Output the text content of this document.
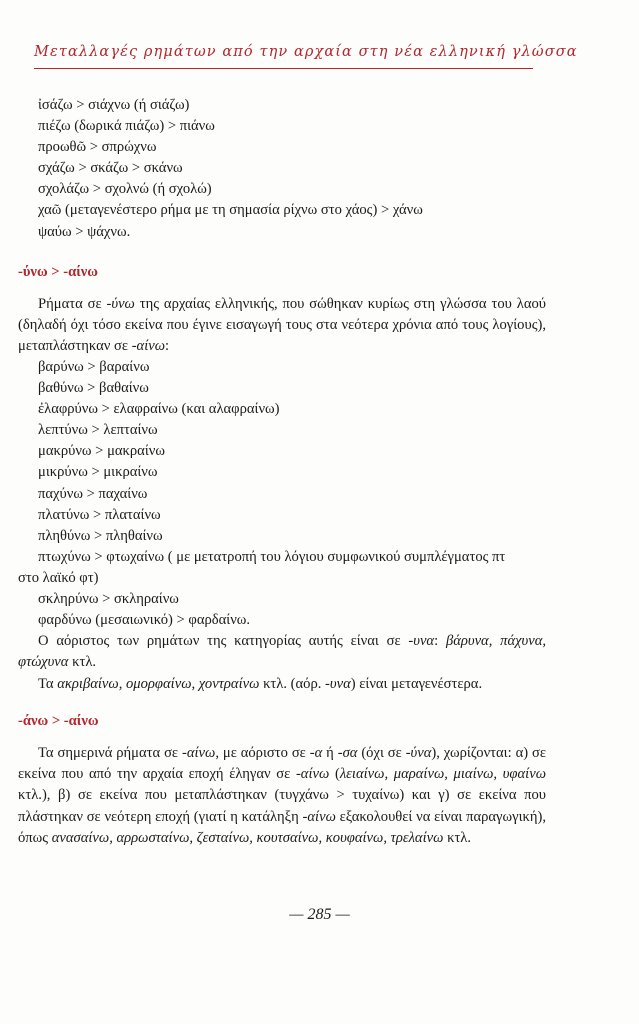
Μεταλλαγές ρημάτων από την αρχαία στη νέα ελληνική γλώσσα
ἰσάζω > σιάχνω (ή σιάζω)
πιέζω (δωρικά πιάζω) > πιάνω
προωθῶ > σπρώχνω
σχάζω > σκάζω > σκάνω
σχολάζω > σχολνώ (ή σχολώ)
χαῶ (μεταγενέστερο ρήμα με τη σημασία ρίχνω στο χάος) > χάνω
ψαύω > ψάχνω.
-ύνω > -αίνω

Ρήματα σε -ύνω της αρχαίας ελληνικής, που σώθηκαν κυρίως στη γλώσσα του λαού (δηλαδή όχι τόσο εκείνα που έγινε εισαγωγή τους στα νεότερα χρόνια από τους λογίους), μεταπλάστηκαν σε -αίνω:

βαρύνω > βαραίνω
βαθύνω > βαθαίνω
ἐλαφρύνω > ελαφραίνω (και αλαφραίνω)
λεπτύνω > λεπταίνω
μακρύνω > μακραίνω
μικρύνω > μικραίνω
παχύνω > παχαίνω
πλατύνω > πλαταίνω
πληθύνω > πληθαίνω
πτωχύνω > φτωχαίνω ( με μετατροπή του λόγιου συμφωνικού συμπλέγματος πτ
στο λαϊκό φτ)
σκληρύνω > σκληραίνω
φαρδύνω (μεσαιωνικό) > φαρδαίνω.

Ο αόριστος των ρημάτων της κατηγορίας αυτής είναι σε -υνα: βάρυνα, πάχυνα, φτώχυνα κτλ.

Τα ακριβαίνω, ομορφαίνω, χοντραίνω κτλ. (αόρ. -υνα) είναι μεταγενέστερα.

-άνω > -αίνω

Τα σημερινά ρήματα σε -αίνω, με αόριστο σε -α ή -σα (όχι σε -ύνα), χωρίζονται: α) σε εκείνα που από την αρχαία εποχή έληγαν σε -αίνω (λειαίνω, μαραίνω, μιαίνω, υφαίνω κτλ.), β) σε εκείνα που μεταπλάστηκαν (τυγχάνω > τυχαίνω) και γ) σε εκείνα που πλάστηκαν σε νεότερη εποχή (γιατί η κατάληξη -αίνω εξακολουθεί να είναι παραγωγική), όπως ανασαίνω, αρρωσταίνω, ζεσταίνω, κουτσαίνω, κουφαίνω, τρελαίνω κτλ.

— 285 —
